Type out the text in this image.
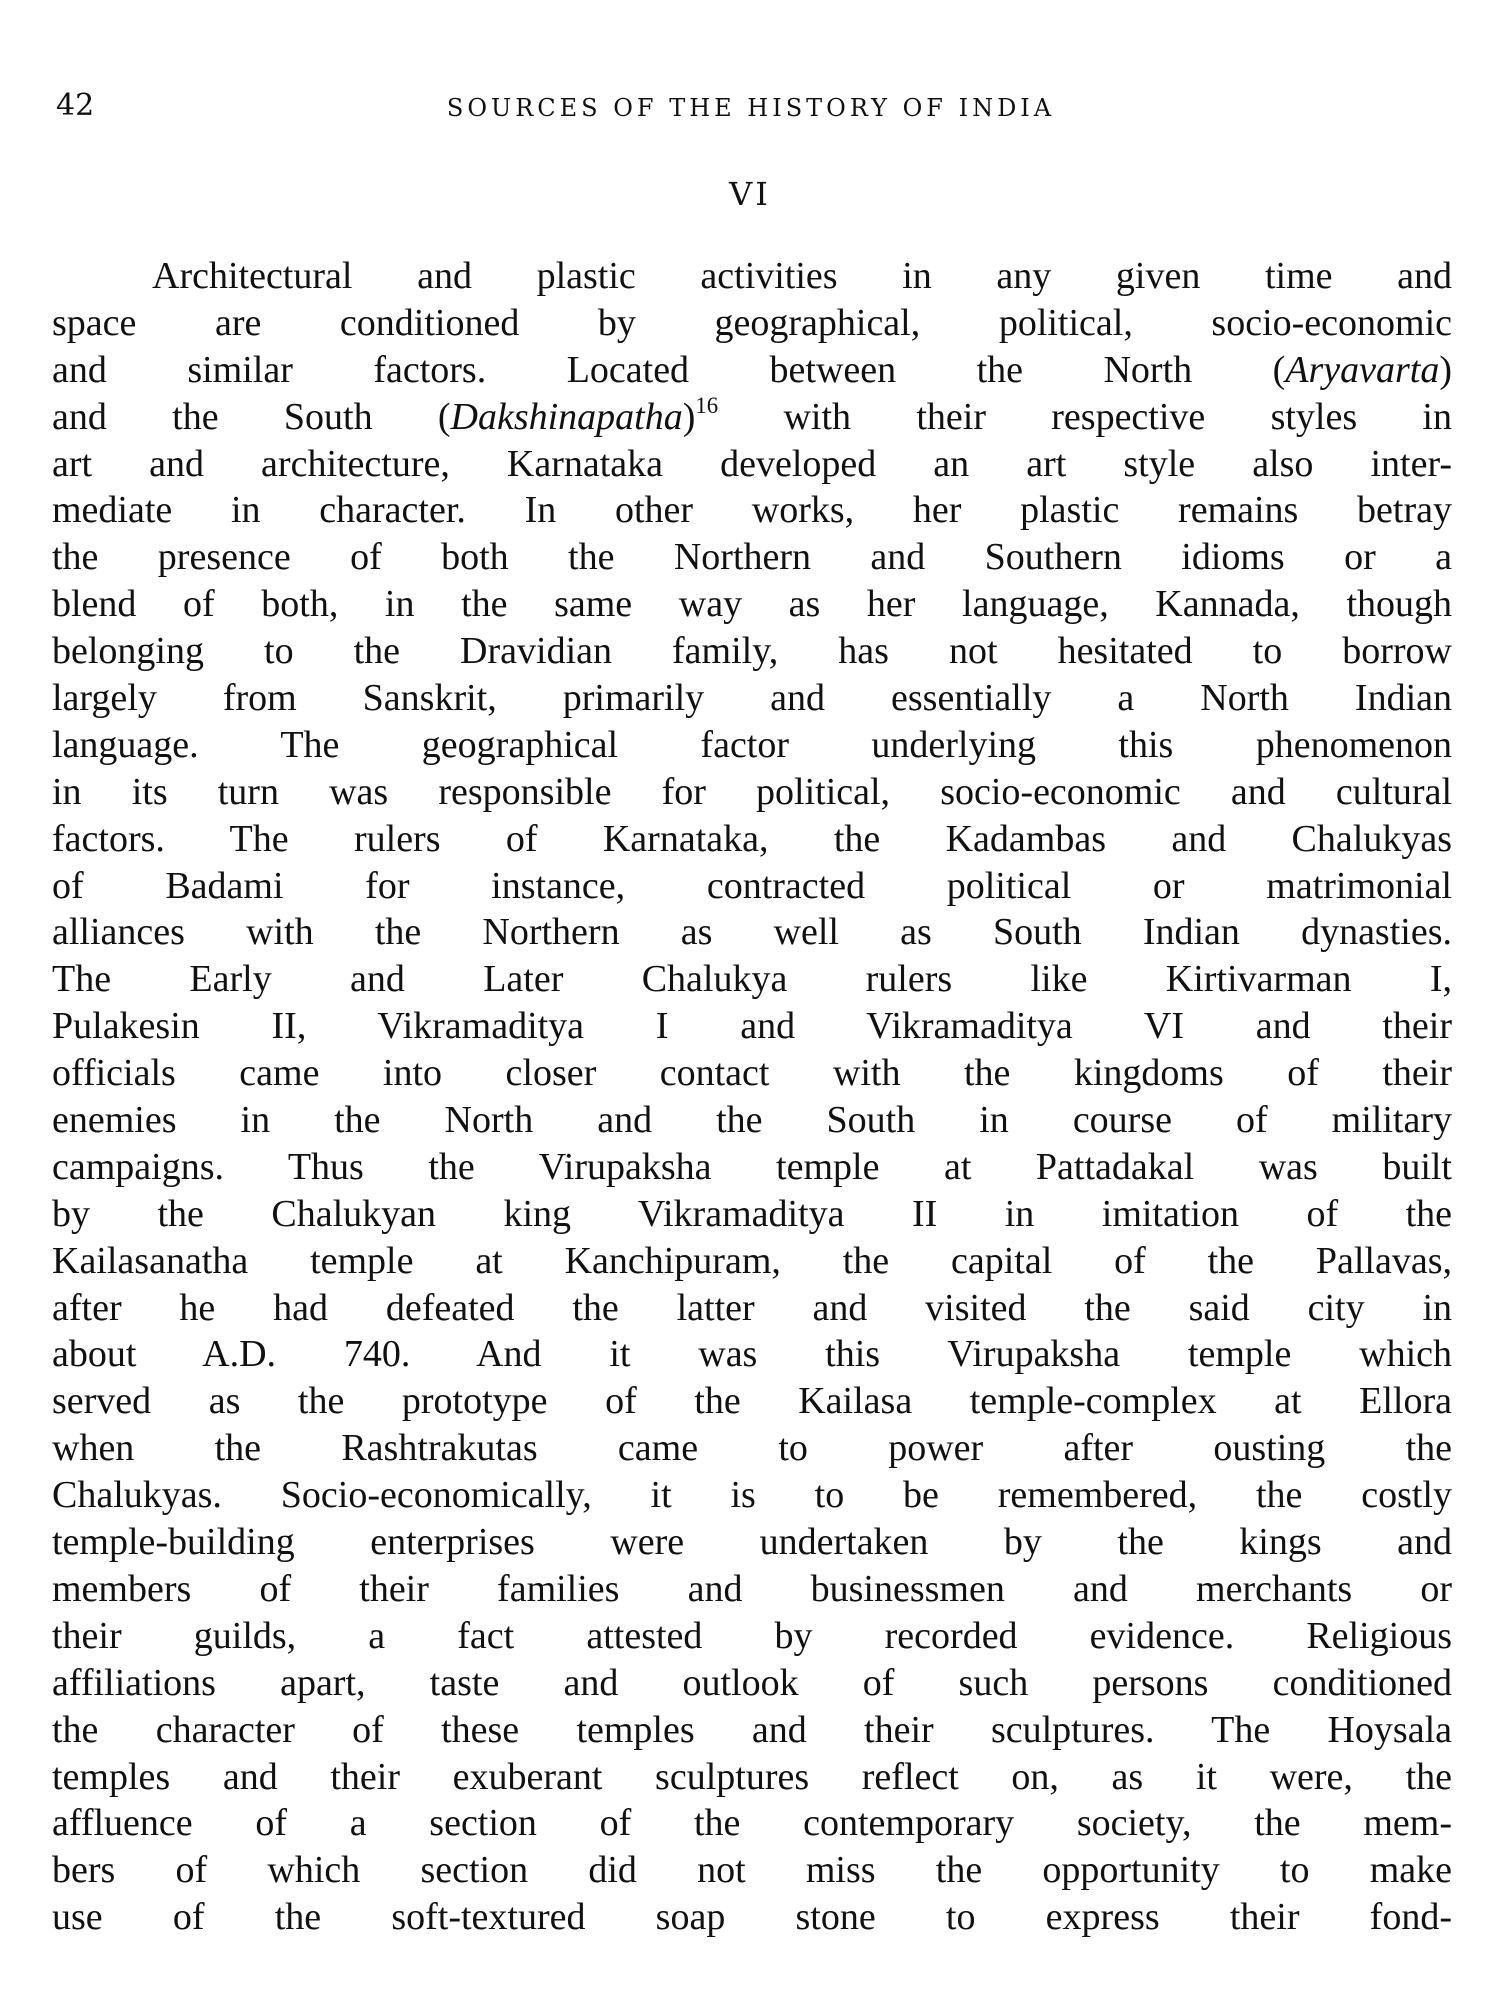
42	SOURCES OF THE HISTORY OF INDIA
VI
Architectural and plastic activities in any given time and
space are conditioned by geographical, political, socio-economic
and similar factors. Located between the North (Aryavarta)
and the South (Dakshinapatha)$^{16}$ with their respective styles in
art and architecture, Karnataka developed an art style also inter-
mediate in character. In other works, her plastic remains betray
the presence of both the Northern and Southern idioms or a
blend of both, in the same way as her language, Kannada, though
belonging to the Dravidian family, has not hesitated to borrow
largely from Sanskrit, primarily and essentially a North Indian
language. The geographical factor underlying this phenomenon
in its turn was responsible for political, socio-economic and cultural
factors. The rulers of Karnataka, the Kadambas and Chalukyas
of Badami for instance, contracted political or matrimonial
alliances with the Northern as well as South Indian dynasties.
The Early and Later Chalukya rulers like Kirtivarman I,
Pulakesin II, Vikramaditya I and Vikramaditya VI and their
officials came into closer contact with the kingdoms of their
enemies in the North and the South in course of military
campaigns. Thus the Virupaksha temple at Pattadakal was built
by the Chalukyan king Vikramaditya II in imitation of the
Kailasanatha temple at Kanchipuram, the capital of the Pallavas,
after he had defeated the latter and visited the said city in
about A.D. 740. And it was this Virupaksha temple which
served as the prototype of the Kailasa temple-complex at Ellora
when the Rashtrakutas came to power after ousting the
Chalukyas. Socio-economically, it is to be remembered, the costly
temple-building enterprises were undertaken by the kings and
members of their families and businessmen and merchants or
their guilds, a fact attested by recorded evidence. Religious
affiliations apart, taste and outlook of such persons conditioned
the character of these temples and their sculptures. The Hoysala
temples and their exuberant sculptures reflect on, as it were, the
affluence of a section of the contemporary society, the mem-
bers of which section did not miss the opportunity to make
use of the soft-textured soap stone to express their fond-
